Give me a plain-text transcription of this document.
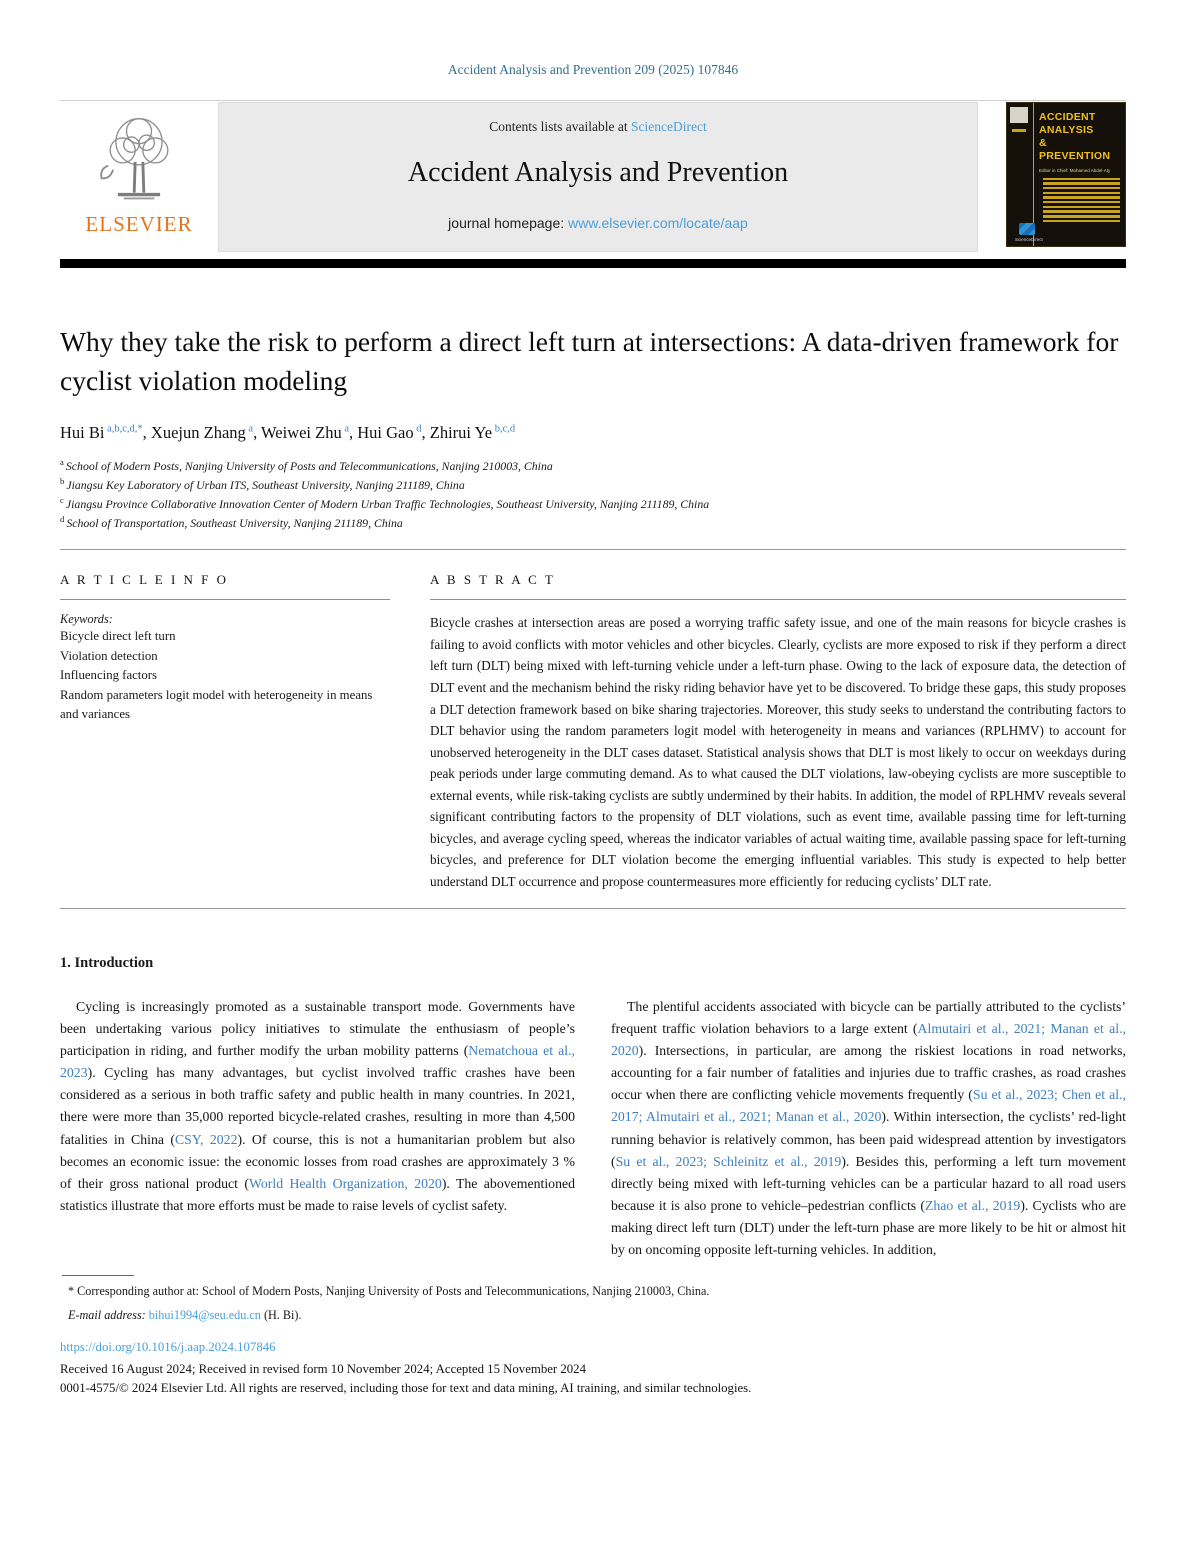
Accident Analysis and Prevention 209 (2025) 107846
ELSEVIER
Contents lists available at ScienceDirect
Accident Analysis and Prevention
journal homepage: www.elsevier.com/locate/aap
ACCIDENT
ANALYSIS
&
PREVENTION
Editor in Chief: Mohamed Abdel-Aty
ScienceDirect
Why they take the risk to perform a direct left turn at intersections: A data-driven framework for cyclist violation modeling
Hui Bi $^{a,b,c,d,*}$, Xuejun Zhang $^a$, Weiwei Zhu $^a$, Hui Gao $^d$, Zhirui Ye $^{b,c,d}$
$^a$ School of Modern Posts, Nanjing University of Posts and Telecommunications, Nanjing 210003, China
$^b$ Jiangsu Key Laboratory of Urban ITS, Southeast University, Nanjing 211189, China
$^c$ Jiangsu Province Collaborative Innovation Center of Modern Urban Traffic Technologies, Southeast University, Nanjing 211189, China
$^d$ School of Transportation, Southeast University, Nanjing 211189, China
A R T I C L E I N F O
Keywords:
Bicycle direct left turn
Violation detection
Influencing factors
Random parameters logit model with heterogeneity in means and variances
A B S T R A C T
Bicycle crashes at intersection areas are posed a worrying traffic safety issue, and one of the main reasons for bicycle crashes is failing to avoid conflicts with motor vehicles and other bicycles. Clearly, cyclists are more exposed to risk if they perform a direct left turn (DLT) being mixed with left-turning vehicle under a left-turn phase. Owing to the lack of exposure data, the detection of DLT event and the mechanism behind the risky riding behavior have yet to be discovered. To bridge these gaps, this study proposes a DLT detection framework based on bike sharing trajectories. Moreover, this study seeks to understand the contributing factors to DLT behavior using the random parameters logit model with heterogeneity in means and variances (RPLHMV) to account for unobserved heterogeneity in the DLT cases dataset. Statistical analysis shows that DLT is most likely to occur on weekdays during peak periods under large commuting demand. As to what caused the DLT violations, law-obeying cyclists are more susceptible to external events, while risk-taking cyclists are subtly undermined by their habits. In addition, the model of RPLHMV reveals several significant contributing factors to the propensity of DLT violations, such as event time, available passing time for left-turning bicycles, and average cycling speed, whereas the indicator variables of actual waiting time, available passing space for left-turning bicycles, and preference for DLT violation become the emerging influential variables. This study is expected to help better understand DLT occurrence and propose countermeasures more efficiently for reducing cyclists’ DLT rate.
1. Introduction

Cycling is increasingly promoted as a sustainable transport mode. Governments have been undertaking various policy initiatives to stimulate the enthusiasm of people’s participation in riding, and further modify the urban mobility patterns (Nematchoua et al., 2023). Cycling has many advantages, but cyclist involved traffic crashes have been considered as a serious in both traffic safety and public health in many countries. In 2021, there were more than 35,000 reported bicycle-related crashes, resulting in more than 4,500 fatalities in China (CSY, 2022). Of course, this is not a humanitarian problem but also becomes an economic issue: the economic losses from road crashes are approximately 3 % of their gross national product (World Health Organization, 2020). The abovementioned statistics illustrate that more efforts must be made to raise levels of cyclist safety.

The plentiful accidents associated with bicycle can be partially attributed to the cyclists’ frequent traffic violation behaviors to a large extent (Almutairi et al., 2021; Manan et al., 2020). Intersections, in particular, are among the riskiest locations in road networks, accounting for a fair number of fatalities and injuries due to traffic crashes, as road crashes occur when there are conflicting vehicle movements frequently (Su et al., 2023; Chen et al., 2017; Almutairi et al., 2021; Manan et al., 2020). Within intersection, the cyclists’ red-light running behavior is relatively common, has been paid widespread attention by investigators (Su et al., 2023; Schleinitz et al., 2019). Besides this, performing a left turn movement directly being mixed with left-turning vehicles can be a particular hazard to all road users because it is also prone to vehicle–pedestrian conflicts (Zhao et al., 2019). Cyclists who are making direct left turn (DLT) under the left-turn phase are more likely to be hit or almost hit by on oncoming opposite left-turning vehicles. In addition,

* Corresponding author at: School of Modern Posts, Nanjing University of Posts and Telecommunications, Nanjing 210003, China.
E-mail address: bihui1994@seu.edu.cn (H. Bi).
https://doi.org/10.1016/j.aap.2024.107846
Received 16 August 2024; Received in revised form 10 November 2024; Accepted 15 November 2024
0001-4575/© 2024 Elsevier Ltd. All rights are reserved, including those for text and data mining, AI training, and similar technologies.
